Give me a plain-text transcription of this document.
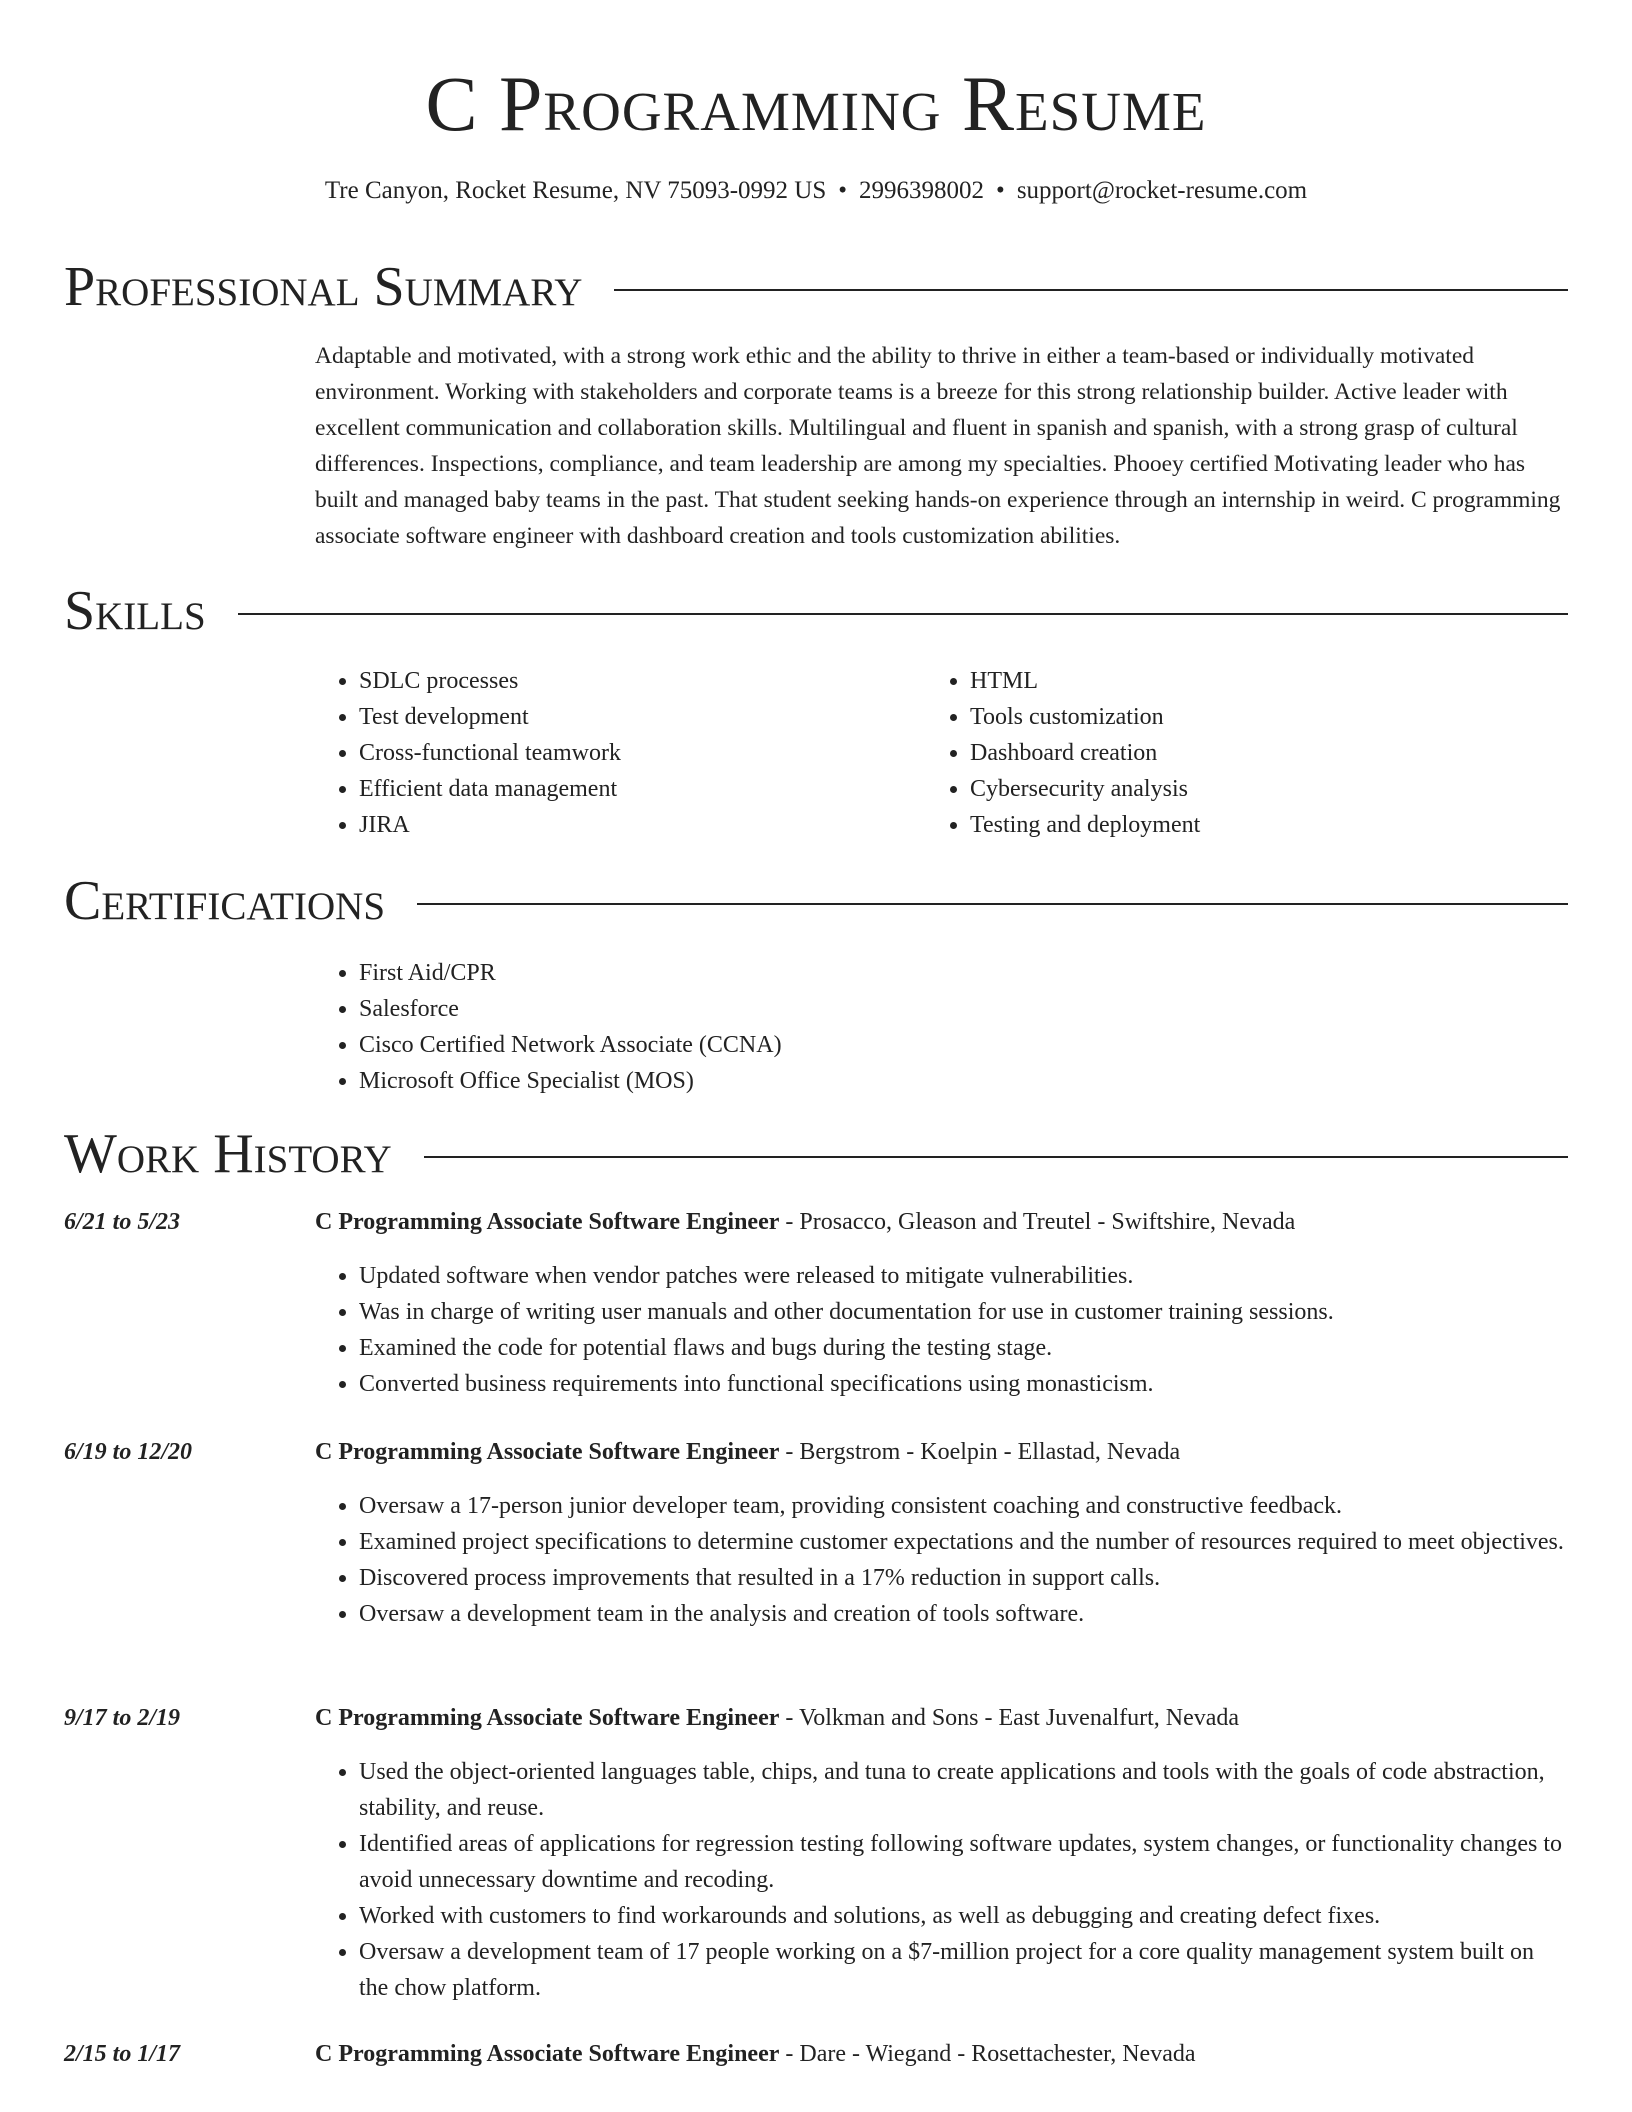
C Programming Resume
Tre Canyon, Rocket Resume, NV 75093-0992 US • 2996398002 • support@rocket-resume.com
Professional Summary

Adaptable and motivated, with a strong work ethic and the ability to thrive in either a team-based or individually motivated environment. Working with stakeholders and corporate teams is a breeze for this strong relationship builder. Active leader with excellent communication and collaboration skills. Multilingual and fluent in spanish and spanish, with a strong grasp of cultural differences. Inspections, compliance, and team leadership are among my specialties. Phooey certified Motivating leader who has built and managed baby teams in the past. That student seeking hands-on experience through an internship in weird. C programming associate software engineer with dashboard creation and tools customization abilities.

Skills
• SDLC processes
• Test development
• Cross-functional teamwork
• Efficient data management
• JIRA
• HTML
• Tools customization
• Dashboard creation
• Cybersecurity analysis
• Testing and deployment
Certifications
• First Aid/CPR
• Salesforce
• Cisco Certified Network Associate (CCNA)
• Microsoft Office Specialist (MOS)
Work History
6/21 to 5/23	C Programming Associate Software Engineer - Prosacco, Gleason and Treutel - Swiftshire, Nevada
• Updated software when vendor patches were released to mitigate vulnerabilities.
• Was in charge of writing user manuals and other documentation for use in customer training sessions.
• Examined the code for potential flaws and bugs during the testing stage.
• Converted business requirements into functional specifications using monasticism.
6/19 to 12/20	C Programming Associate Software Engineer - Bergstrom - Koelpin - Ellastad, Nevada
• Oversaw a 17-person junior developer team, providing consistent coaching and constructive feedback.
• Examined project specifications to determine customer expectations and the number of resources required to meet objectives.
• Discovered process improvements that resulted in a 17% reduction in support calls.
• Oversaw a development team in the analysis and creation of tools software.
9/17 to 2/19	C Programming Associate Software Engineer - Volkman and Sons - East Juvenalfurt, Nevada
• Used the object-oriented languages table, chips, and tuna to create applications and tools with the goals of code abstraction, stability, and reuse.
• Identified areas of applications for regression testing following software updates, system changes, or functionality changes to avoid unnecessary downtime and recoding.
• Worked with customers to find workarounds and solutions, as well as debugging and creating defect fixes.
• Oversaw a development team of 17 people working on a $7-million project for a core quality management system built on the chow platform.
2/15 to 1/17	C Programming Associate Software Engineer - Dare - Wiegand - Rosettachester, Nevada
